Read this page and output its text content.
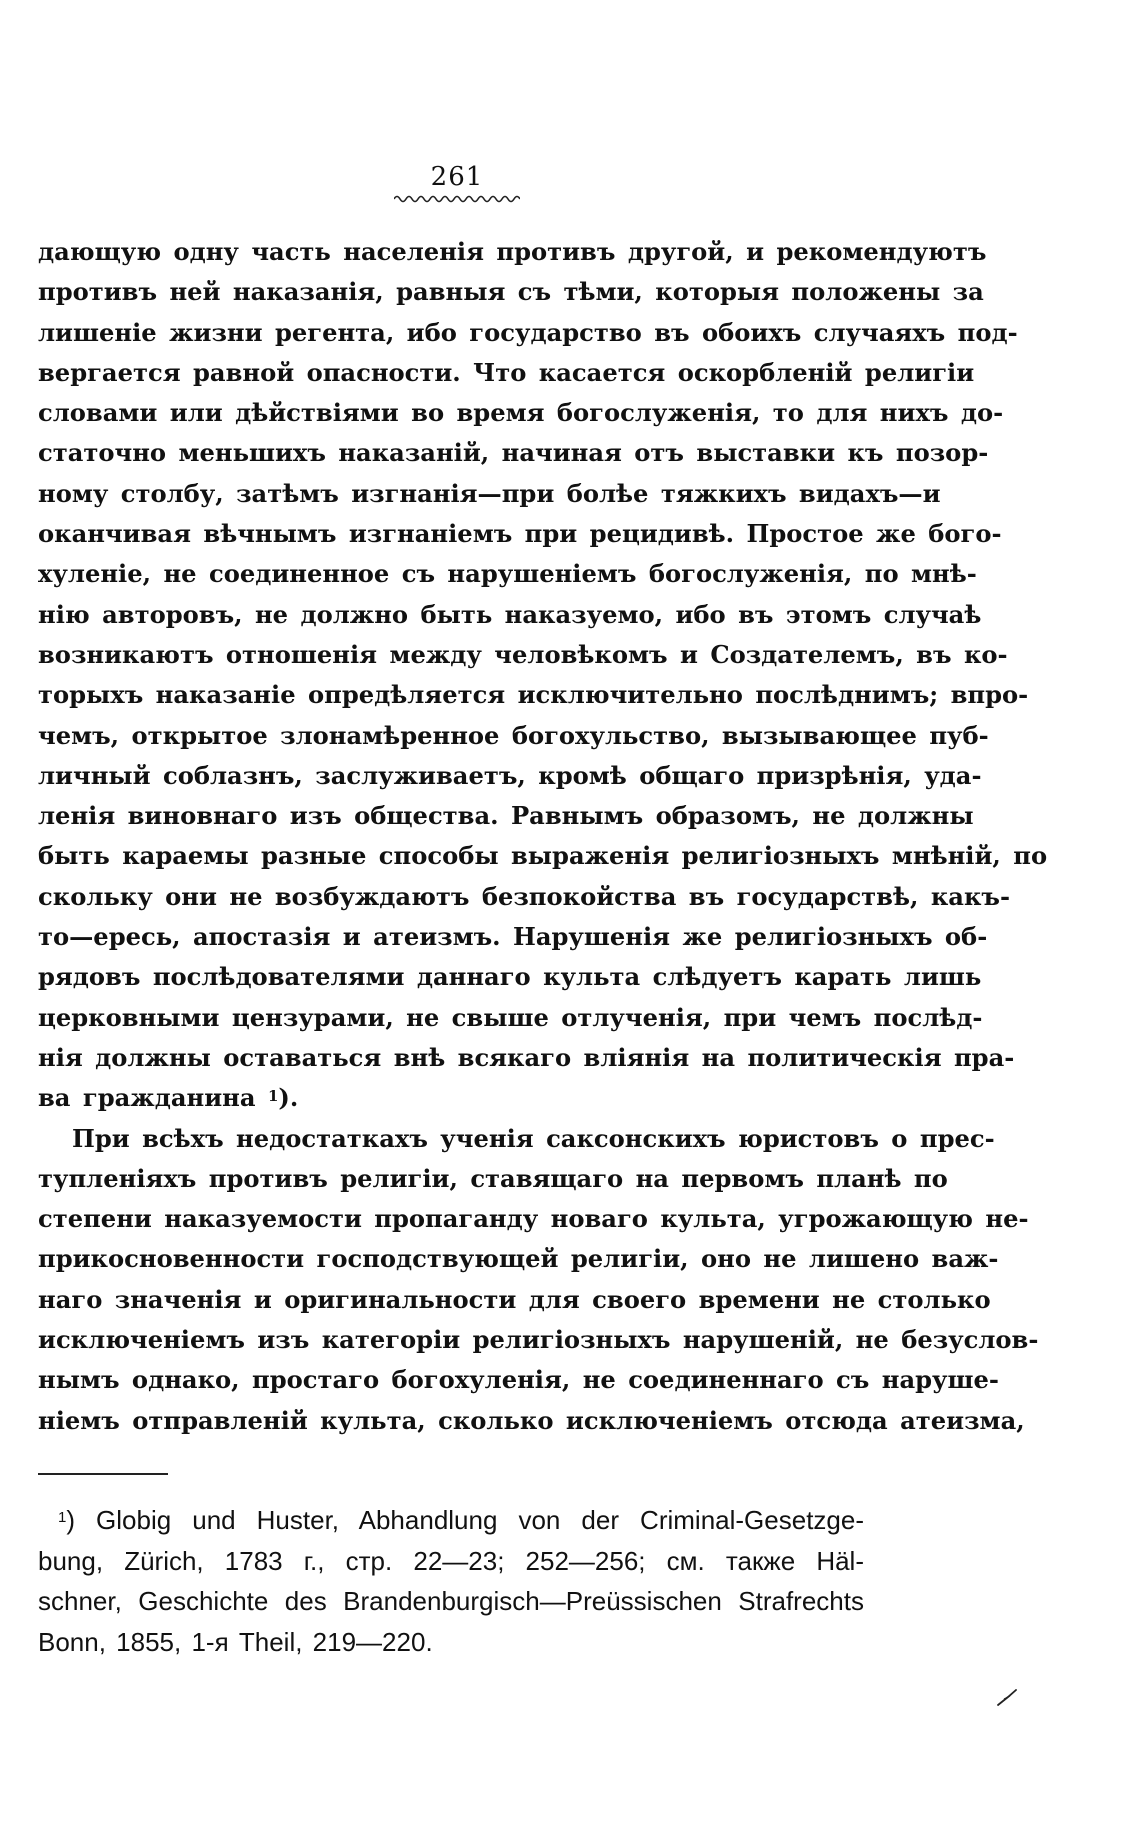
261
дающую одну часть населенія противъ другой, и рекомендуютъ
противъ ней наказанія, равныя съ тѣми, которыя положены за
лишеніе жизни регента, ибо государство въ обоихъ случаяхъ под-
вергается равной опасности. Что касается оскорбленій религіи
словами или дѣйствіями во время богослуженія, то для нихъ до-
статочно меньшихъ наказаній, начиная отъ выставки къ позор-
ному столбу, затѣмъ изгнанія—при болѣе тяжкихъ видахъ—и
оканчивая вѣчнымъ изгнаніемъ при рецидивѣ. Простое же бого-
хуленіе, не соединенное съ нарушеніемъ богослуженія, по мнѣ-
нію авторовъ, не должно быть наказуемо, ибо въ этомъ случаѣ
возникаютъ отношенія между человѣкомъ и Создателемъ, въ ко-
торыхъ наказаніе опредѣляется исключительно послѣднимъ; впро-
чемъ, открытое злонамѣренное богохульство, вызывающее пуб-
личный соблазнъ, заслуживаетъ, кромѣ общаго призрѣнія, уда-
ленія виновнаго изъ общества. Равнымъ образомъ, не должны
быть караемы разные способы выраженія религіозныхъ мнѣній, по
скольку они не возбуждаютъ безпокойства въ государствѣ, какъ-
то—ересь, апостазія и атеизмъ. Нарушенія же религіозныхъ об-
рядовъ послѣдователями даннаго культа слѣдуетъ карать лишь
церковными цензурами, не свыше отлученія, при чемъ послѣд-
нія должны оставаться внѣ всякаго вліянія на политическія пра-
ва гражданина $^1$).
При всѣхъ недостаткахъ ученія саксонскихъ юристовъ о прес-
тупленіяхъ противъ религіи, ставящаго на первомъ планѣ по
степени наказуемости пропаганду новаго культа, угрожающую не-
прикосновенности господствующей религіи, оно не лишено важ-
наго значенія и оригинальности для своего времени не столько
исключеніемъ изъ категоріи религіозныхъ нарушеній, не безуслов-
нымъ однако, простаго богохуленія, не соединеннаго съ наруше-
ніемъ отправленій культа, сколько исключеніемъ отсюда атеизма,
$^1$) Globig und Huster, Abhandlung von der Criminal-Gesetzge-
bung, Zürich, 1783 г., стр. 22—23; 252—256; см. также Häl-
schner, Geschichte des Brandenburgisch—Preüssischen Strafrechts
Bonn, 1855, 1-я Theil, 219—220.
